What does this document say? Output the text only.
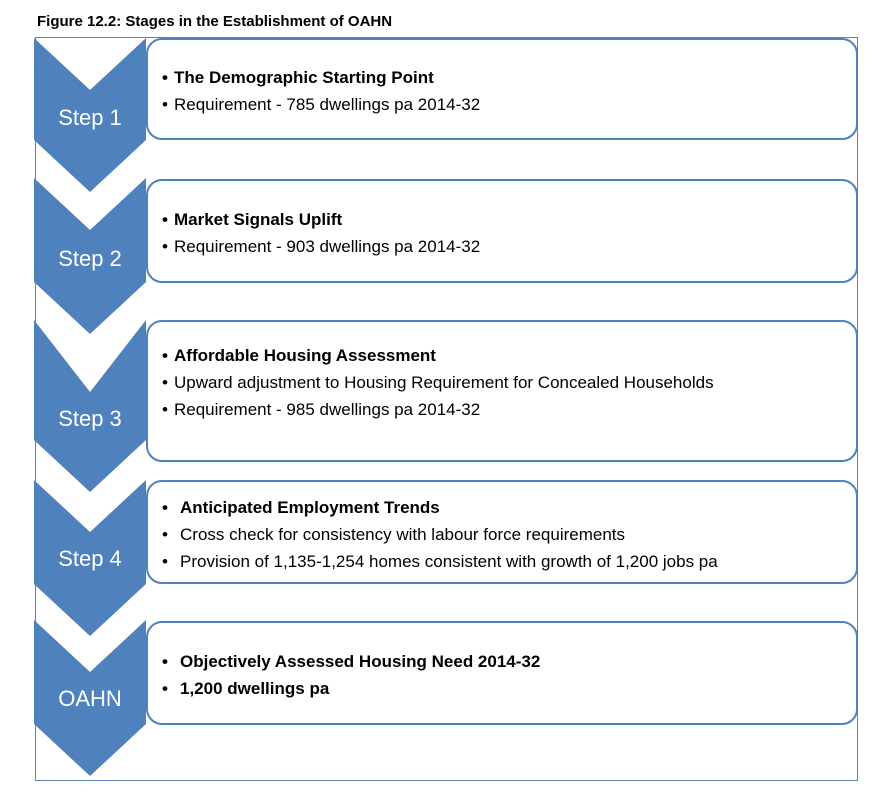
Figure 12.2: Stages in the Establishment of OAHN
Step 1
Step 2
Step 3
Step 4
OAHN
• The Demographic Starting Point
• Requirement - 785 dwellings pa 2014-32
• Market Signals Uplift
• Requirement - 903 dwellings pa 2014-32
• Affordable Housing Assessment
• Upward adjustment to Housing Requirement for Concealed Households
• Requirement - 985 dwellings pa 2014-32
• Anticipated Employment Trends
• Cross check for consistency with labour force requirements
• Provision of 1,135-1,254 homes consistent with growth of 1,200 jobs pa
• Objectively Assessed Housing Need 2014-32
• 1,200 dwellings pa
